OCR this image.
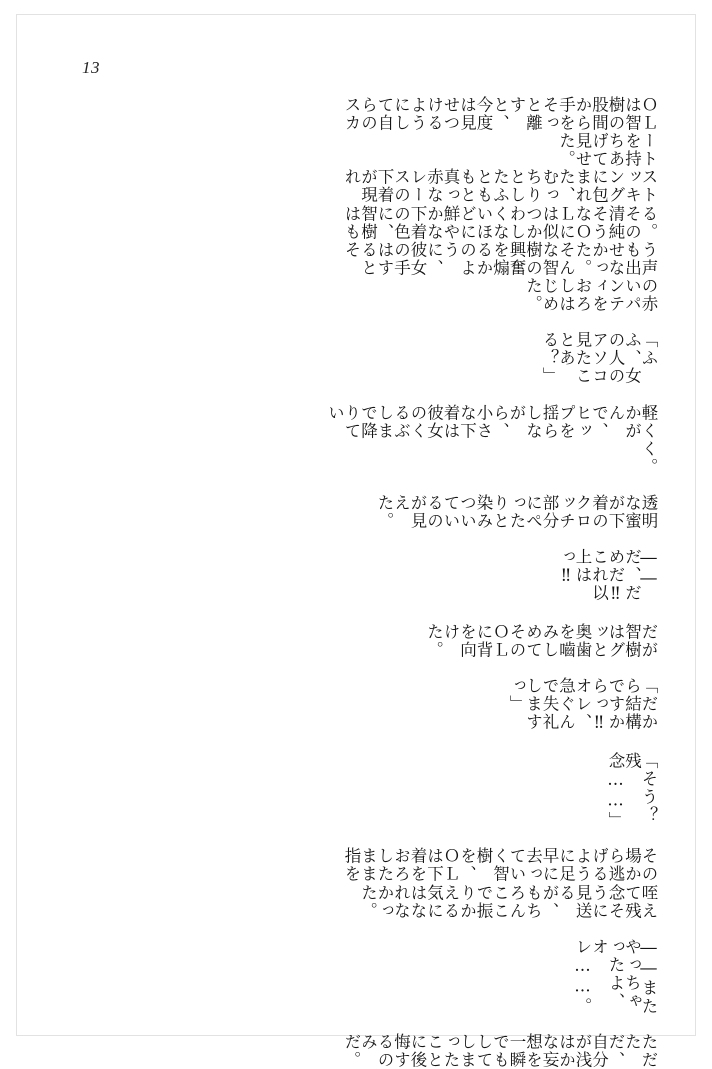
13
ＯＬは智樹の股間から手をそっと離すと、今度は見せつけるようにして自らのスカ
ートを持ちあげて見せた。
ストッキングに包まれた、むっちりとしたふとももと真っ赤なレースの下着が現れ
る。その清純そうなＯＬには似つかわしくないほどに鮮やかな下着の色に、智樹はも
う声も出せなかった。そんな智樹の興奮を煽るかのように、彼女の手はするとそ
の赤いパンティをおろしはじめた。
「ふふ、女の人のアソコ見たことある？」
軽くかがんで、ヒップを揺らしながら、小さな下着は彼女のくるぶしまで降りてい
く。
透明な蜜が下着のクロッチ部分にぺったりと染みついているのが見えた。
――だ、だめだ‼　これ以上はっ‼
だが智樹はグッと奥歯を嚙みしめてそのＯＬに背を向けた。
「だから結構ですからっ‼　オレ、急ぐんで失礼しますっ」
「そう？　残念……」
その場から逃げるように足早に去っていく智樹を、ＯＬは下着をおろしたまま指を
咥えて残念そうに見送るが、もちろんここで振りかえる気にはなれなかった。
――またやっちゃったよ、オレ……。
ただただ、自分が浅はかな妄想を一瞬でもしてしまったことに後悔するのみだ。
